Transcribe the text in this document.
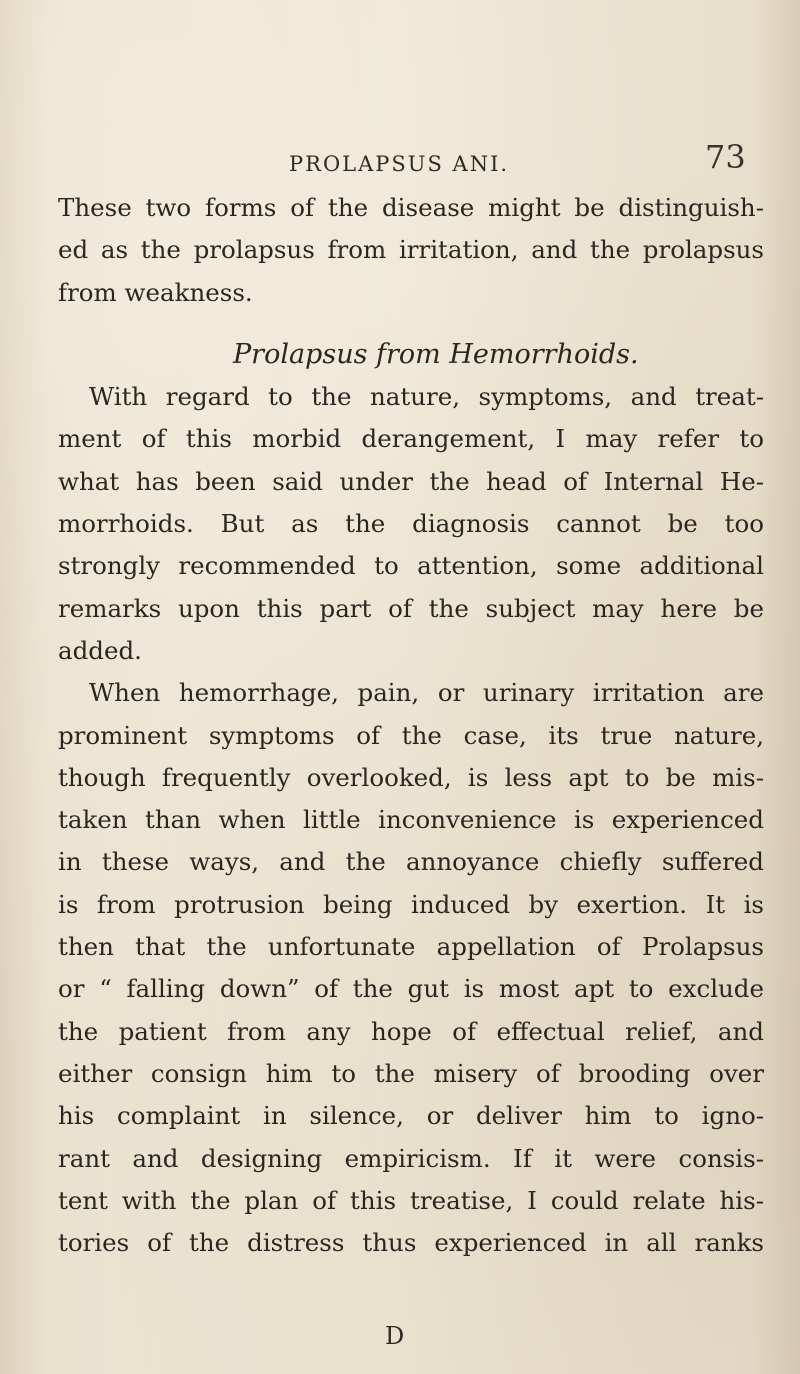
PROLAPSUS ANI.	73
These two forms of the disease might be distinguish-
ed as the prolapsus from irritation, and the prolapsus
from weakness.
Prolapsus from Hemorrhoids.
With regard to the nature, symptoms, and treat-
ment of this morbid derangement, I may refer to
what has been said under the head of Internal He-
morrhoids. But as the diagnosis cannot be too
strongly recommended to attention, some additional
remarks upon this part of the subject may here be
added.
When hemorrhage, pain, or urinary irritation are
prominent symptoms of the case, its true nature,
though frequently overlooked, is less apt to be mis-
taken than when little inconvenience is experienced
in these ways, and the annoyance chiefly suffered
is from protrusion being induced by exertion. It is
then that the unfortunate appellation of Prolapsus
or “ falling down” of the gut is most apt to exclude
the patient from any hope of effectual relief, and
either consign him to the misery of brooding over
his complaint in silence, or deliver him to igno-
rant and designing empiricism. If it were consis-
tent with the plan of this treatise, I could relate his-
tories of the distress thus experienced in all ranks
D
